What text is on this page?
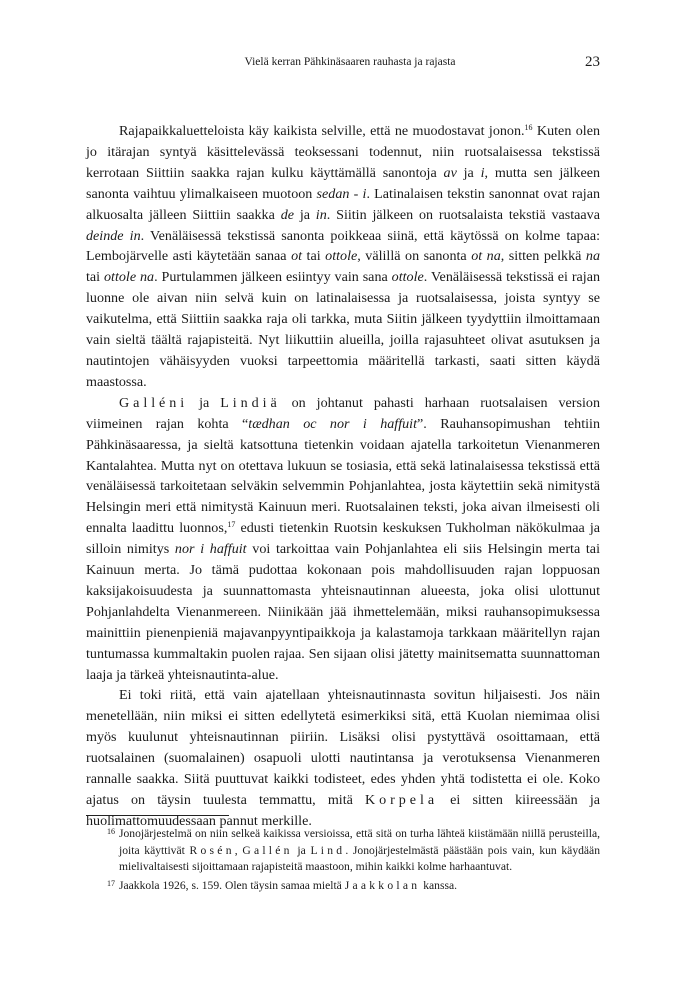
Vielä kerran Pähkinäsaaren rauhasta ja rajasta	23

Rajapaikkaluetteloista käy kaikista selville, että ne muodostavat jonon.$^{16}$ Kuten olen jo itärajan syntyä käsittelevässä teoksessani todennut, niin ruotsalaisessa tekstissä kerrotaan Siittiin saakka rajan kulku käyttämällä sanontoja av ja i, mutta sen jälkeen sanonta vaihtuu ylimalkaiseen muotoon sedan - i. Latinalaisen tekstin sanonnat ovat rajan alkuosalta jälleen Siittiin saakka de ja in. Siitin jälkeen on ruotsalaista tekstiä vastaava deinde in. Venäläisessä tekstissä sanonta poikkeaa siinä, että käytössä on kolme tapaa: Lembojärvelle asti käytetään sanaa ot tai ottole, välillä on sanonta ot na, sitten pelkkä na tai ottole na. Purtulammen jälkeen esiintyy vain sana ottole. Venäläisessä tekstissä ei rajan luonne ole aivan niin selvä kuin on latinalaisessa ja ruotsalaisessa, joista syntyy se vaikutelma, että Siittiin saakka raja oli tarkka, muta Siitin jälkeen tyydyttiin ilmoittamaan vain sieltä täältä rajapisteitä. Nyt liikuttiin alueilla, joilla rajasuhteet olivat asutuksen ja nautintojen vähäisyyden vuoksi tarpeettomia määritellä tarkasti, saati sitten käydä maastossa.

Galléni ja Lindiä on johtanut pahasti harhaan ruotsalaisen version viimeinen rajan kohta “tædhan oc nor i haffuit”. Rauhansopimushan tehtiin Pähkinäsaaressa, ja sieltä katsottuna tietenkin voidaan ajatella tarkoitetun Vienanmeren Kantalahtea. Mutta nyt on otettava lukuun se tosiasia, että sekä latinalaisessa tekstissä että venäläisessä tarkoitetaan selväkin selvemmin Pohjanlahtea, josta käytettiin sekä nimitystä Helsingin meri että nimitystä Kainuun meri. Ruotsalainen teksti, joka aivan ilmeisesti oli ennalta laadittu luonnos,$^{17}$ edusti tietenkin Ruotsin keskuksen Tukholman näkökulmaa ja silloin nimitys nor i haffuit voi tarkoittaa vain Pohjanlahtea eli siis Helsingin merta tai Kainuun merta. Jo tämä pudottaa kokonaan pois mahdollisuuden rajan loppuosan kaksijakoisuudesta ja suunnattomasta yhteisnautinnan alueesta, joka olisi ulottunut Pohjanlahdelta Vienanmereen. Niinikään jää ihmettelemään, miksi rauhansopimuksessa mainittiin pienenpieniä majavanpyyntipaikkoja ja kalastamoja tarkkaan määritellyn rajan tuntumassa kummaltakin puolen rajaa. Sen sijaan olisi jätetty mainitsematta suunnattoman laaja ja tärkeä yhteisnautinta-alue.

Ei toki riitä, että vain ajatellaan yhteisnautinnasta sovitun hiljaisesti. Jos näin menetellään, niin miksi ei sitten edellytetä esimerkiksi sitä, että Kuolan niemimaa olisi myös kuulunut yhteisnautinnan piiriin. Lisäksi olisi pystyttävä osoittamaan, että ruotsalainen (suomalainen) osapuoli ulotti nautintansa ja verotuksensa Vienanmeren rannalle saakka. Siitä puuttuvat kaikki todisteet, edes yhden yhtä todistetta ei ole. Koko ajatus on täysin tuulesta temmattu, mitä Korpela ei sitten kiireessään ja huolimattomuudessaan pannut merkille.

16 Jonojärjestelmä on niin selkeä kaikissa versioissa, että sitä on turha lähteä kiistämään niillä perusteilla, joita käyttivät Rosén, Gallén ja Lind. Jonojärjestelmästä päästään pois vain, kun käydään mielivaltaisesti sijoittamaan rajapisteitä maastoon, mihin kaikki kolme harhaantuvat.
17 Jaakkola 1926, s. 159. Olen täysin samaa mieltä Jaakkolan kanssa.
